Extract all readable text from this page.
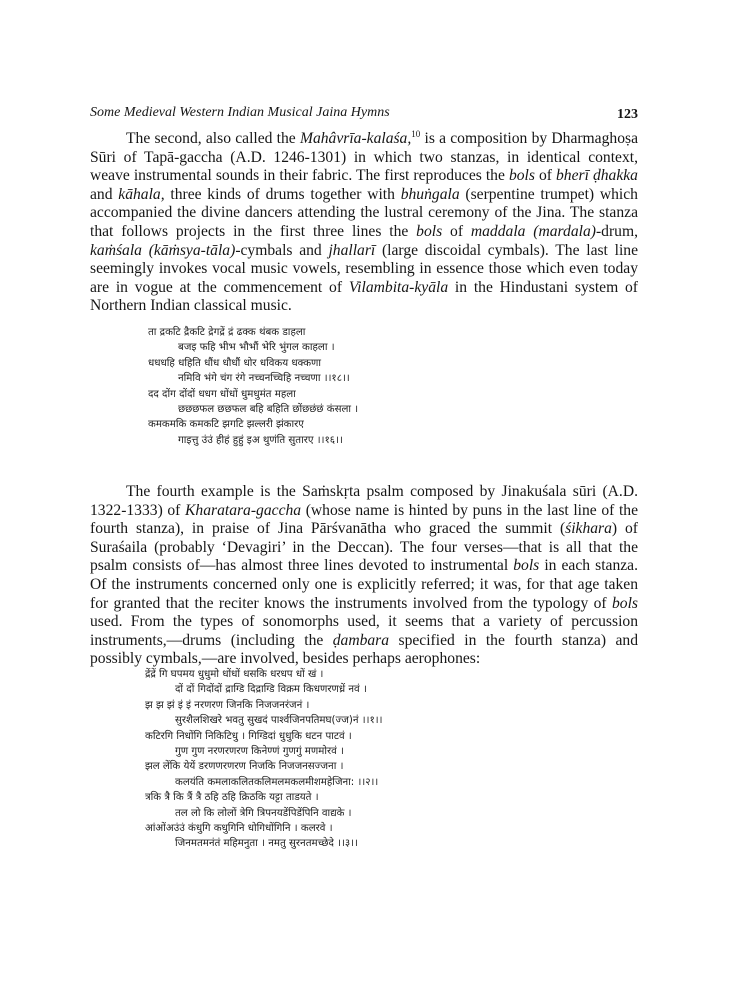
Some Medieval Western Indian Musical Jaina Hymns	123

The second, also called the Mahâvrīa-kalaśa,$^{10}$ is a composition by Dharmaghoṣa Sūri of Tapā-gaccha (A.D. 1246-1301) in which two stanzas, in identical context, weave instrumental sounds in their fabric. The first reproduces the bols of bherī ḍhakka and kāhala, three kinds of drums together with bhuṅgala (serpentine trumpet) which accompanied the divine dancers attending the lustral ceremony of the Jina. The stanza that follows projects in the first three lines the bols of maddala (mardala)-drum, kaṁśala (kāṁsya-tāla)-cymbals and jhallarī (large discoidal cymbals). The last line seemingly invokes vocal music vowels, resembling in essence those which even today are in vogue at the commencement of Vilambita-kyāla in the Hindustani system of Northern Indian classical music.

ता द्रकटि द्रैकटि द्रेगद्रें द्रं ढक्क थंबक डाहला
बजइ फहि भीभ भौभौं भेरि भुंगल काहला ।
धधधहि धहिति धौंध धौधौं धोर धविकय धक्कणा
नमिवि भंगे चंग रंगे नच्चनच्चिहि नच्चणा ।।१८।।
दद दोंग दोंदों धधग धोंधों धुमधुमंत महला
छछछफल छछफल बहि बहिति छोंछछंछं कंसला ।
कमकमकि कमकटि झगटि झल्लरी झंकारए
गाइत्तु उंउं हीहं हुहुं इअ थुणंति सुतारए ।।१६।।

The fourth example is the Saṁskṛta psalm composed by Jinakuśala sūri (A.D. 1322-1333) of Kharatara-gaccha (whose name is hinted by puns in the last line of the fourth stanza), in praise of Jina Pārśvanātha who graced the summit (śikhara) of Suraśaila (probably ‘Devagiri’ in the Deccan). The four verses—that is all that the psalm consists of—has almost three lines devoted to instrumental bols in each stanza. Of the instruments concerned only one is explicitly referred; it was, for that age taken for granted that the reciter knows the instruments involved from the typology of bols used. From the types of sonomorphs used, it seems that a variety of percussion instruments,—drums (including the ḍambara specified in the fourth stanza) and possibly cymbals,—are involved, besides perhaps aerophones:

द्रेंद्रें गि घपमय धुधुमो धोंधों धसकि धरधप धों खं ।
दों दों गिदोंदों द्राग्डि दिद्राग्डि विक्रम किधणरणध्रें नवं ।
झ झ झं इं इं नरणरण जिनकि निजजनरंजनं ।
सुरशैलशिखरे भवतु सुखदं पार्श्वजिनपतिमघ(ज्ज)नं ।।१।।
कटिरगि निधोंगि निकिटिधु । गिग्डिदां धुधुकि धटन पाटवं ।
गुण गुण नरणरणरण किनेण्णं गुणगुं मणमोरवं ।
झल लेंकि येयें डरणणरणरण निजकि निजजनसज्जना ।
कलयंति कमलाकलितकलिमलमकलमीशमहेजिना: ।।२।।
त्रकि त्रै कि त्रैं त्रै ठहि ठहि क्रिठकि यट्टा ताडयते ।
तल लो कि लोलों त्रेगि त्रिपनयडेंपिडेंपिनि वाद्यके ।
आंओंअउंउं कंधुगि कधुगिनि धोगिधोंगिनि । कलरवे ।
जिनमतमनंतं महिमनुता । नमतु सुरनतमच्छेदे ।।३।।
